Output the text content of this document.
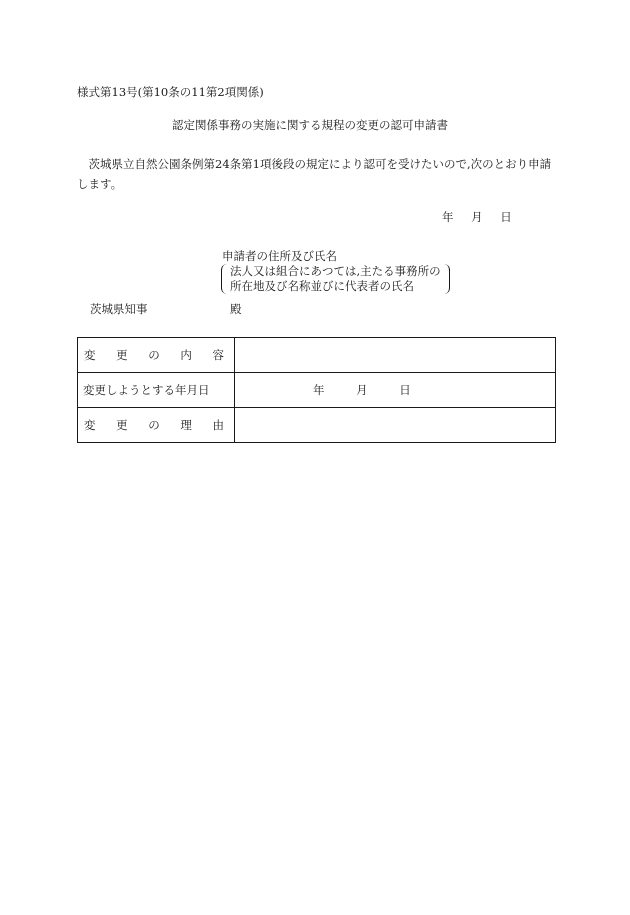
様式第13号(第10条の11第2項関係)
認定関係事務の実施に関する規程の変更の認可申請書
茨城県立自然公園条例第24条第1項後段の規定により認可を受けたいので,次のとおり申請します。
年 月 日
申請者の住所及び氏名
法人又は組合にあつては,主たる事務所の
所在地及び名称並びに代表者の氏名
茨城県知事	殿
変更の内容	
変更しようとする年月日	年 月 日
変更の理由	
